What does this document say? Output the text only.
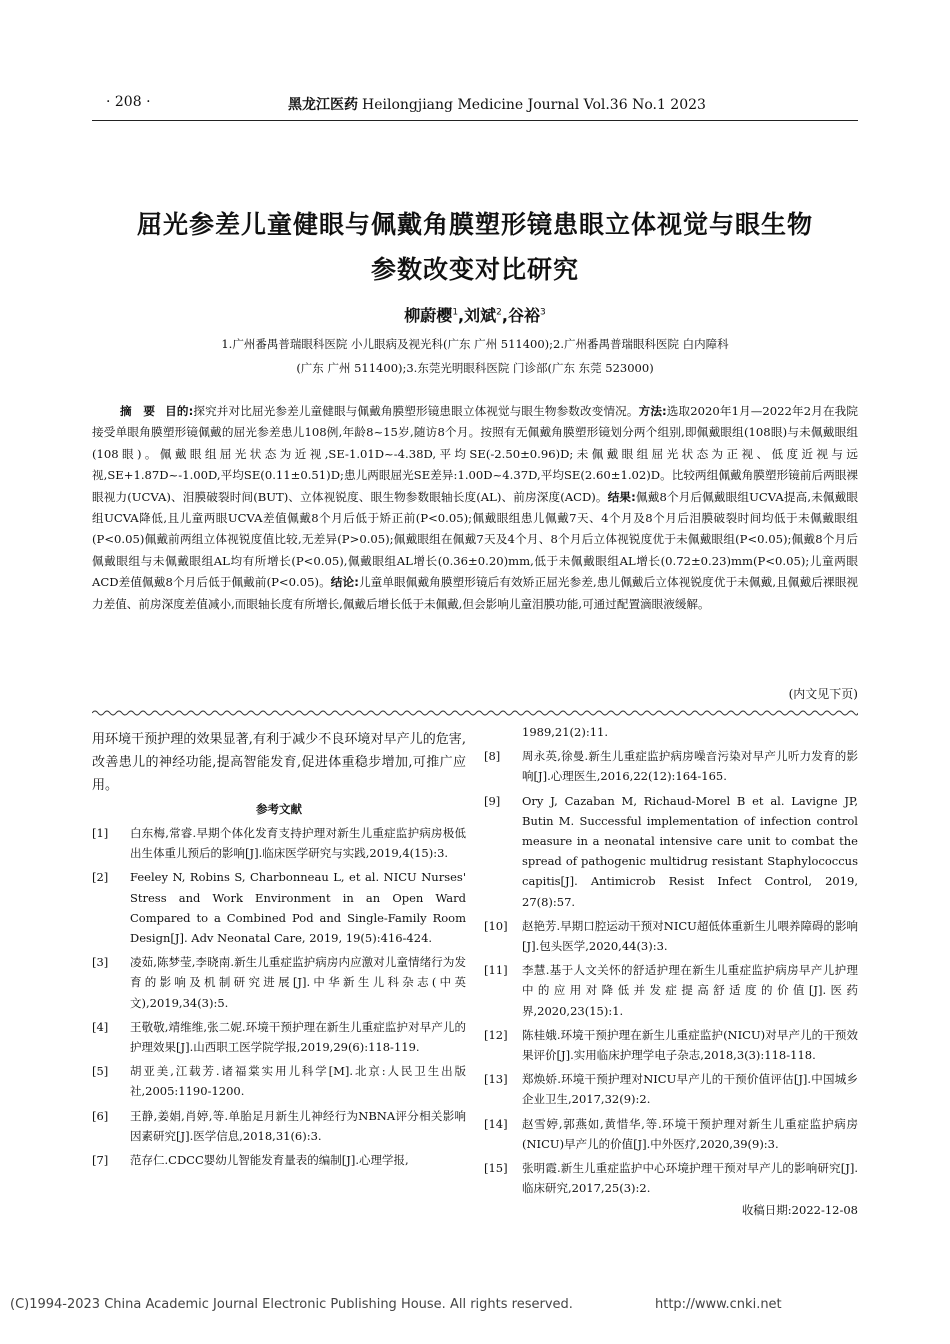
· 208 ·	黑龙江医药 Heilongjiang Medicine Journal Vol.36 No.1 2023
屈光参差儿童健眼与佩戴角膜塑形镜患眼立体视觉与眼生物
参数改变对比研究
柳蔚樱$^1$,刘斌$^2$,谷裕$^3$
1.广州番禺普瑞眼科医院 小儿眼病及视光科(广东 广州 511400);2.广州番禺普瑞眼科医院 白内障科
(广东 广州 511400);3.东莞光明眼科医院 门诊部(广东 东莞 523000)
摘　要 目的:探究并对比屈光参差儿童健眼与佩戴角膜塑形镜患眼立体视觉与眼生物参数改变情况。方法:选取2020年1月—2022年2月在我院接受单眼角膜塑形镜佩戴的屈光参差患儿108例,年龄8~15岁,随访8个月。按照有无佩戴角膜塑形镜划分两个组别,即佩戴眼组(108眼)与未佩戴眼组(108眼)。佩戴眼组屈光状态为近视,SE-1.01D~-4.38D,平均SE(-2.50±0.96)D;未佩戴眼组屈光状态为正视、低度近视与远视,SE+1.87D~-1.00D,平均SE(0.11±0.51)D;患儿两眼屈光SE差异:1.00D~4.37D,平均SE(2.60±1.02)D。比较两组佩戴角膜塑形镜前后两眼裸眼视力(UCVA)、泪膜破裂时间(BUT)、立体视锐度、眼生物参数眼轴长度(AL)、前房深度(ACD)。结果:佩戴8个月后佩戴眼组UCVA提高,未佩戴眼组UCVA降低,且儿童两眼UCVA差值佩戴8个月后低于矫正前(P<0.05);佩戴眼组患儿佩戴7天、4个月及8个月后泪膜破裂时间均低于未佩戴眼组(P<0.05)佩戴前两组立体视锐度值比较,无差异(P>0.05);佩戴眼组在佩戴7天及4个月、8个月后立体视锐度优于未佩戴眼组(P<0.05);佩戴8个月后佩戴眼组与未佩戴眼组AL均有所增长(P<0.05),佩戴眼组AL增长(0.36±0.20)mm,低于未佩戴眼组AL增长(0.72±0.23)mm(P<0.05);儿童两眼ACD差值佩戴8个月后低于佩戴前(P<0.05)。结论:儿童单眼佩戴角膜塑形镜后有效矫正屈光参差,患儿佩戴后立体视锐度优于未佩戴,且佩戴后裸眼视力差值、前房深度差值减小,而眼轴长度有所增长,佩戴后增长低于未佩戴,但会影响儿童泪膜功能,可通过配置滴眼液缓解。
(内文见下页)
用环境干预护理的效果显著,有利于减少不良环境对早产儿的危害,改善患儿的神经功能,提高智能发育,促进体重稳步增加,可推广应用。
参考文献
[1] 白东梅,常睿.早期个体化发育支持护理对新生儿重症监护病房极低出生体重儿预后的影响[J].临床医学研究与实践,2019,4(15):3.
[2] Feeley N, Robins S, Charbonneau L, et al. NICU Nurses' Stress and Work Environment in an Open Ward Compared to a Combined Pod and Single-Family Room Design[J]. Adv Neonatal Care, 2019, 19(5):416-424.
[3] 凌茹,陈梦莹,李晓南.新生儿重症监护病房内应激对儿童情绪行为发育的影响及机制研究进展[J].中华新生儿科杂志(中英文),2019,34(3):5.
[4] 王敬敬,靖维维,张二妮.环境干预护理在新生儿重症监护对早产儿的护理效果[J].山西职工医学院学报,2019,29(6):118-119.
[5] 胡亚美,江载芳.诸福棠实用儿科学[M].北京:人民卫生出版社,2005:1190-1200.
[6] 王静,姜娟,肖婷,等.单胎足月新生儿神经行为NBNA评分相关影响因素研究[J].医学信息,2018,31(6):3.
[7] 范存仁.CDCC婴幼儿智能发育量表的编制[J].心理学报,
1989,21(2):11.
[8] 周永英,徐曼.新生儿重症监护病房噪音污染对早产儿听力发育的影响[J].心理医生,2016,22(12):164-165.
[9] Ory J, Cazaban M, Richaud-Morel B et al. Lavigne JP, Butin M. Successful implementation of infection control measure in a neonatal intensive care unit to combat the spread of pathogenic multidrug resistant Staphylococcus capitis[J]. Antimicrob Resist Infect Control, 2019, 27(8):57.
[10] 赵艳芳.早期口腔运动干预对NICU超低体重新生儿喂养障碍的影响[J].包头医学,2020,44(3):3.
[11] 李慧.基于人文关怀的舒适护理在新生儿重症监护病房早产儿护理中的应用对降低并发症提高舒适度的价值[J].医药界,2020,23(15):1.
[12] 陈桂娥.环境干预护理在新生儿重症监护(NICU)对早产儿的干预效果评价[J].实用临床护理学电子杂志,2018,3(3):118-118.
[13] 郑焕娇.环境干预护理对NICU早产儿的干预价值评估[J].中国城乡企业卫生,2017,32(9):2.
[14] 赵雪婷,郭燕如,黄惜华,等.环境干预护理对新生儿重症监护病房(NICU)早产儿的价值[J].中外医疗,2020,39(9):3.
[15] 张明霞.新生儿重症监护中心环境护理干预对早产儿的影响研究[J].临床研究,2017,25(3):2.
收稿日期:2022-12-08
(C)1994-2023 China Academic Journal Electronic Publishing House. All rights reserved.	http://www.cnki.net
